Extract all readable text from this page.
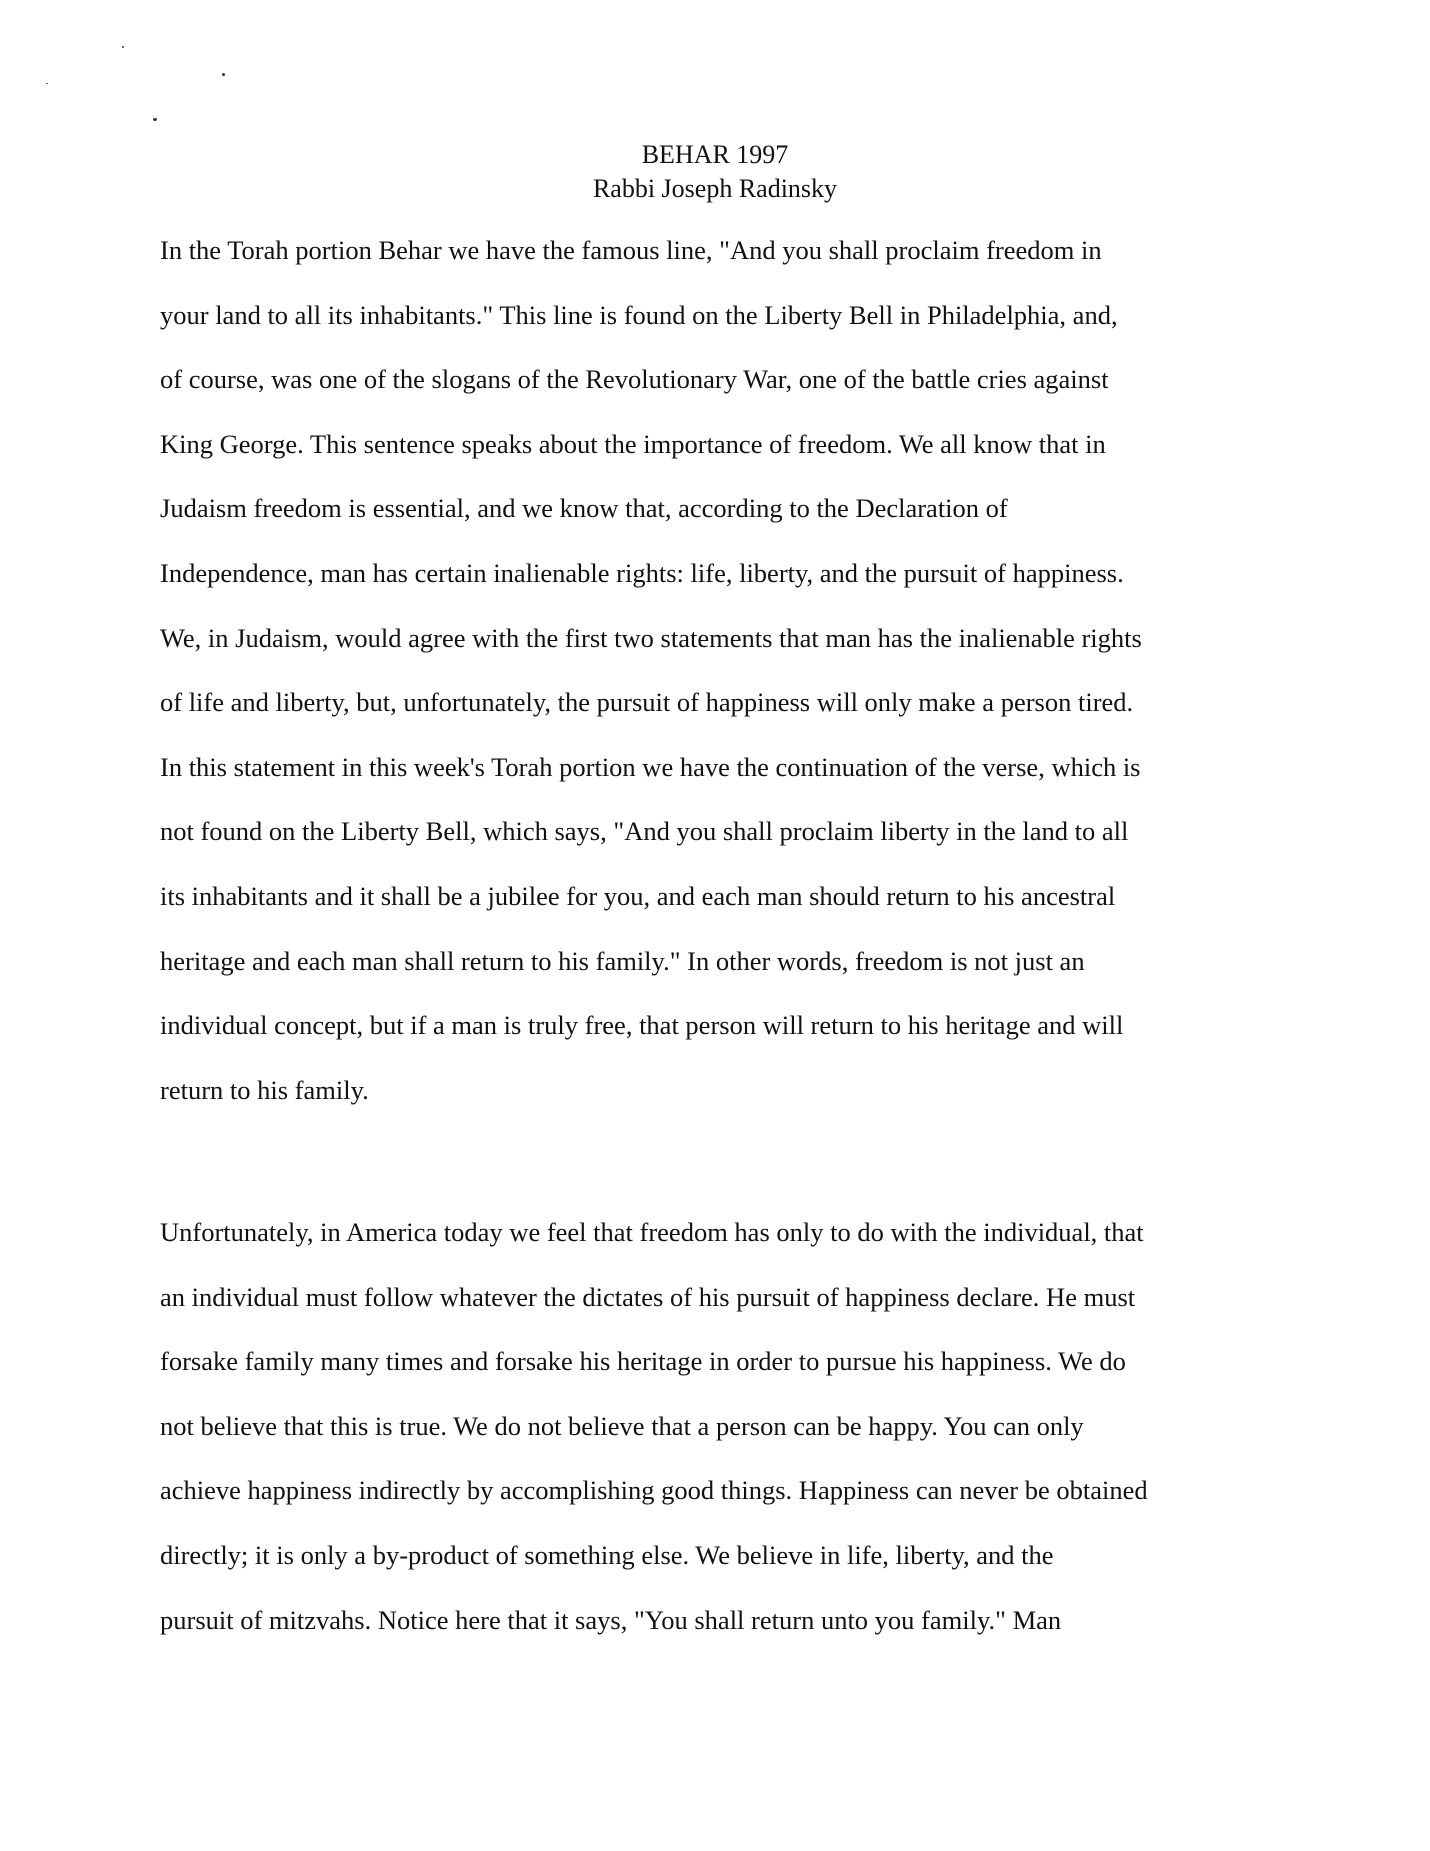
BEHAR 1997
Rabbi Joseph Radinsky
In the Torah portion Behar we have the famous line, "And you shall proclaim freedom in
your land to all its inhabitants." This line is found on the Liberty Bell in Philadelphia, and,
of course, was one of the slogans of the Revolutionary War, one of the battle cries against
King George. This sentence speaks about the importance of freedom. We all know that in
Judaism freedom is essential, and we know that, according to the Declaration of
Independence, man has certain inalienable rights: life, liberty, and the pursuit of happiness.
We, in Judaism, would agree with the first two statements that man has the inalienable rights
of life and liberty, but, unfortunately, the pursuit of happiness will only make a person tired.
In this statement in this week's Torah portion we have the continuation of the verse, which is
not found on the Liberty Bell, which says, "And you shall proclaim liberty in the land to all
its inhabitants and it shall be a jubilee for you, and each man should return to his ancestral
heritage and each man shall return to his family." In other words, freedom is not just an
individual concept, but if a man is truly free, that person will return to his heritage and will
return to his family.
Unfortunately, in America today we feel that freedom has only to do with the individual, that
an individual must follow whatever the dictates of his pursuit of happiness declare. He must
forsake family many times and forsake his heritage in order to pursue his happiness. We do
not believe that this is true. We do not believe that a person can be happy. You can only
achieve happiness indirectly by accomplishing good things. Happiness can never be obtained
directly; it is only a by-product of something else. We believe in life, liberty, and the
pursuit of mitzvahs. Notice here that it says, "You shall return unto you family." Man
